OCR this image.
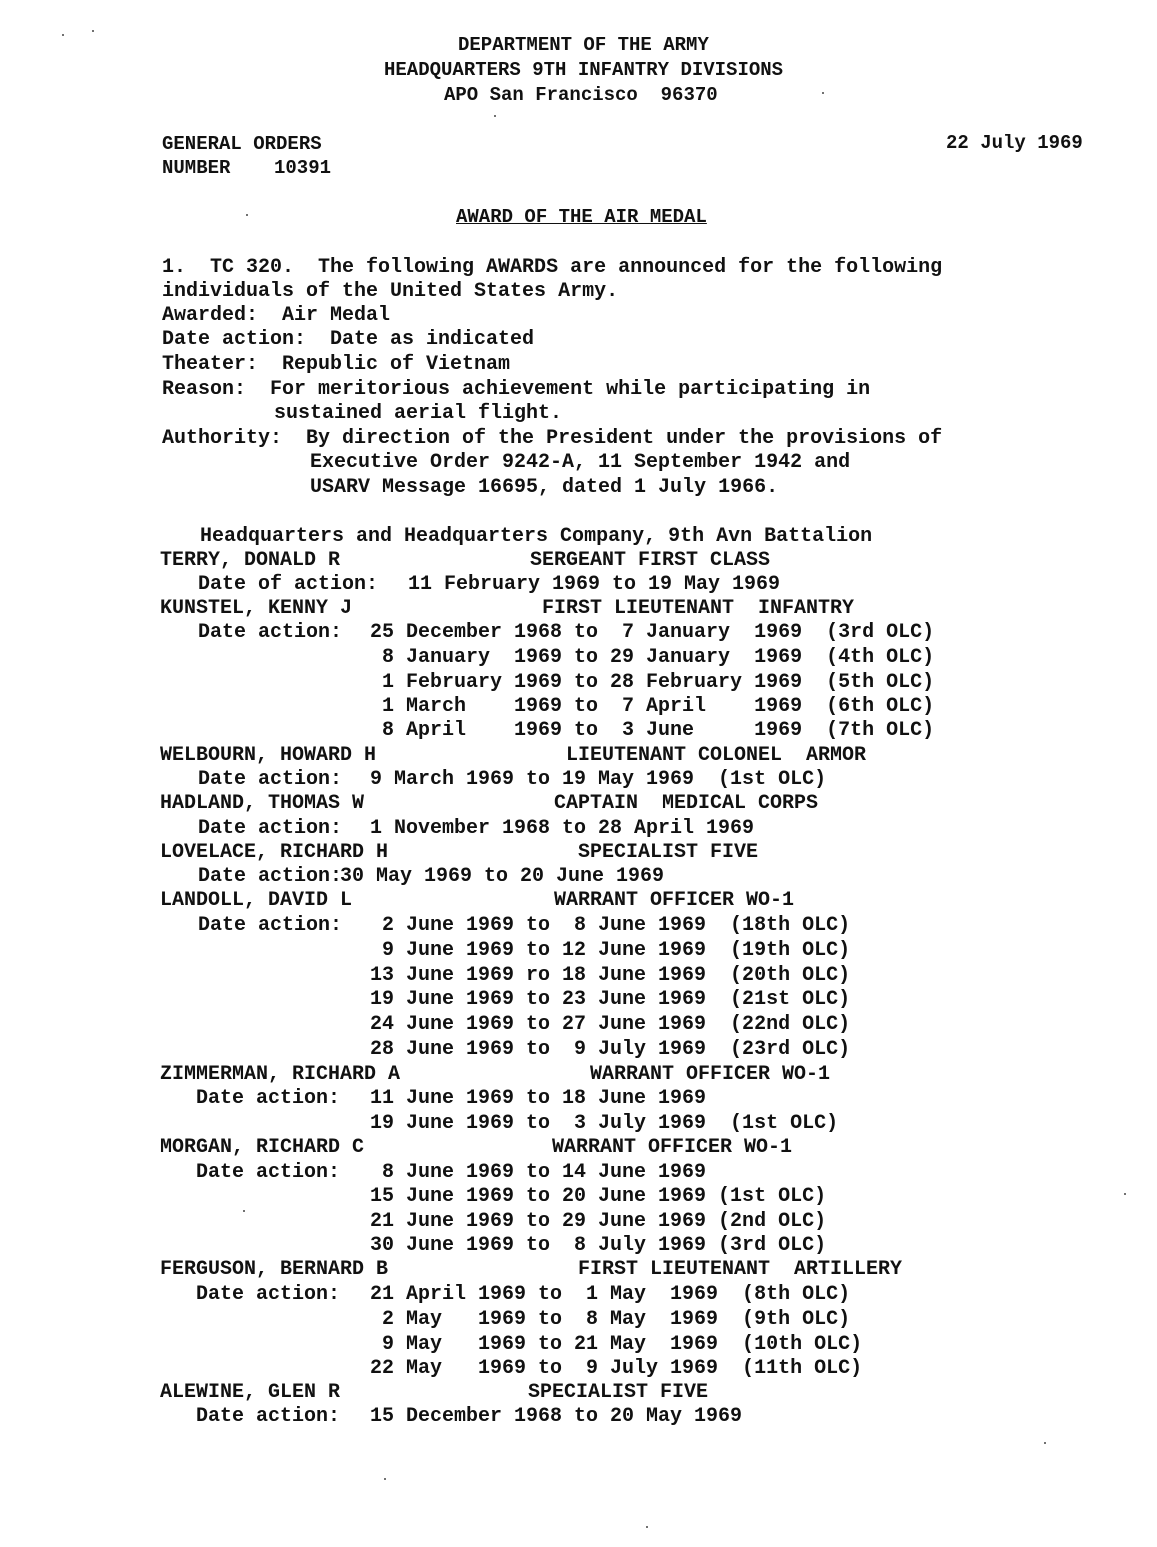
DEPARTMENT OF THE ARMY
HEADQUARTERS 9TH INFANTRY DIVISIONS
APO San Francisco  96370
GENERAL ORDERS
NUMBER 10391
22 July 1969
AWARD OF THE AIR MEDAL
1.  TC 320.  The following AWARDS are announced for the following
individuals of the United States Army.
Awarded:  Air Medal
Date action:  Date as indicated
Theater:  Republic of Vietnam
Reason:  For meritorious achievement while participating in
sustained aerial flight.
Authority:  By direction of the President under the provisions of
Executive Order 9242-A, 11 September 1942 and
USARV Message 16695, dated 1 July 1966.
Headquarters and Headquarters Company, 9th Avn Battalion
TERRY, DONALD R	SERGEANT FIRST CLASS
Date of action: 11 February 1969 to 19 May 1969
KUNSTEL, KENNY J	FIRST LIEUTENANT  INFANTRY
Date action: 25 December 1968 to  7 January  1969  (3rd OLC)
8 January  1969 to 29 January  1969  (4th OLC)
1 February 1969 to 28 February 1969  (5th OLC)
1 March    1969 to  7 April    1969  (6th OLC)
8 April    1969 to  3 June     1969  (7th OLC)
WELBOURN, HOWARD H	LIEUTENANT COLONEL  ARMOR
Date action: 9 March 1969 to 19 May 1969  (1st OLC)
HADLAND, THOMAS W	CAPTAIN  MEDICAL CORPS
Date action: 1 November 1968 to 28 April 1969
LOVELACE, RICHARD H	SPECIALIST FIVE
Date action:
30 May 1969 to 20 June 1969
LANDOLL, DAVID L	WARRANT OFFICER WO-1
Date action: 2 June 1969 to  8 June 1969  (18th OLC)
9 June 1969 to 12 June 1969  (19th OLC)
13 June 1969 ro 18 June 1969  (20th OLC)
19 June 1969 to 23 June 1969  (21st OLC)
24 June 1969 to 27 June 1969  (22nd OLC)
28 June 1969 to  9 July 1969  (23rd OLC)
ZIMMERMAN, RICHARD A	WARRANT OFFICER WO-1
Date action: 11 June 1969 to 18 June 1969
19 June 1969 to  3 July 1969  (1st OLC)
MORGAN, RICHARD C	WARRANT OFFICER WO-1
Date action: 8 June 1969 to 14 June 1969
15 June 1969 to 20 June 1969 (1st OLC)
21 June 1969 to 29 June 1969 (2nd OLC)
30 June 1969 to  8 July 1969 (3rd OLC)
FERGUSON, BERNARD B	FIRST LIEUTENANT  ARTILLERY
Date action: 21 April 1969 to  1 May  1969  (8th OLC)
2 May   1969 to  8 May  1969  (9th OLC)
9 May   1969 to 21 May  1969  (10th OLC)
22 May   1969 to  9 July 1969  (11th OLC)
ALEWINE, GLEN R	SPECIALIST FIVE
Date action: 15 December 1968 to 20 May 1969
